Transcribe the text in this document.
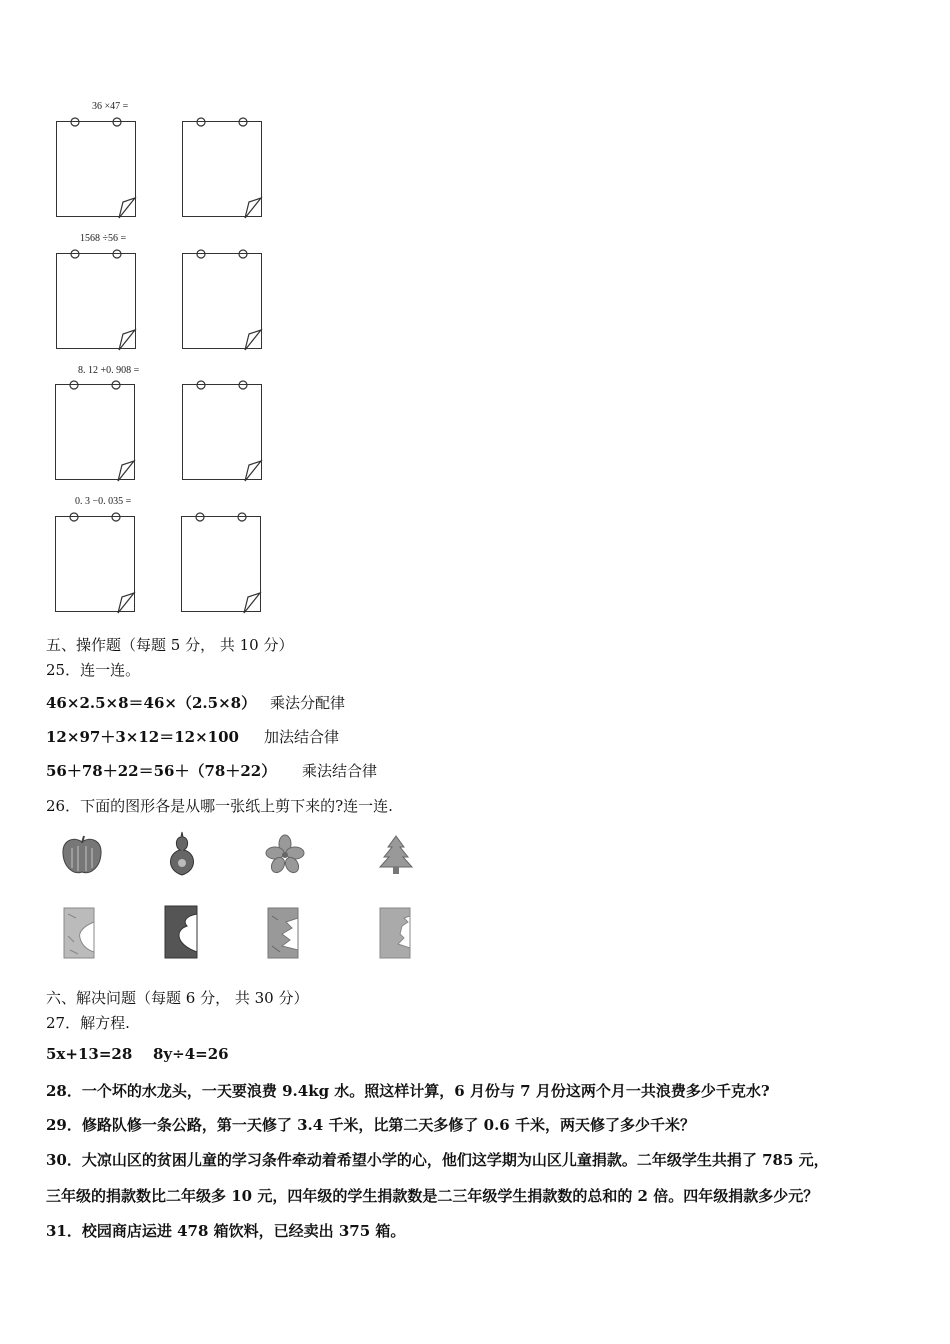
36 ×47 =
1568 ÷56 =
8. 12 +0. 908 =
0. 3 −0. 035 =
五、操作题（每题 5 分， 共 10 分）
25．连一连。
46×2.5×8＝46×（2.5×8） 乘法分配律
12×97＋3×12＝12×100 加法结合律
56＋78＋22＝56＋（78＋22） 乘法结合律
26．下面的图形各是从哪一张纸上剪下来的?连一连.
六、解决问题（每题 6 分， 共 30 分）
27．解方程.
5x+13=28 8y÷4=26
28．一个坏的水龙头，一天要浪费 9.4kg 水。照这样计算，6 月份与 7 月份这两个月一共浪费多少千克水?
29．修路队修一条公路，第一天修了 3.4 千米，比第二天多修了 0.6 千米，两天修了多少千米？
30．大凉山区的贫困儿童的学习条件牵动着希望小学的心，他们这学期为山区儿童捐款。二年级学生共捐了 785 元，
三年级的捐款数比二年级多 10 元，四年级的学生捐款数是二三年级学生捐款数的总和的 2 倍。四年级捐款多少元？
31．校园商店运进 478 箱饮料，已经卖出 375 箱。
